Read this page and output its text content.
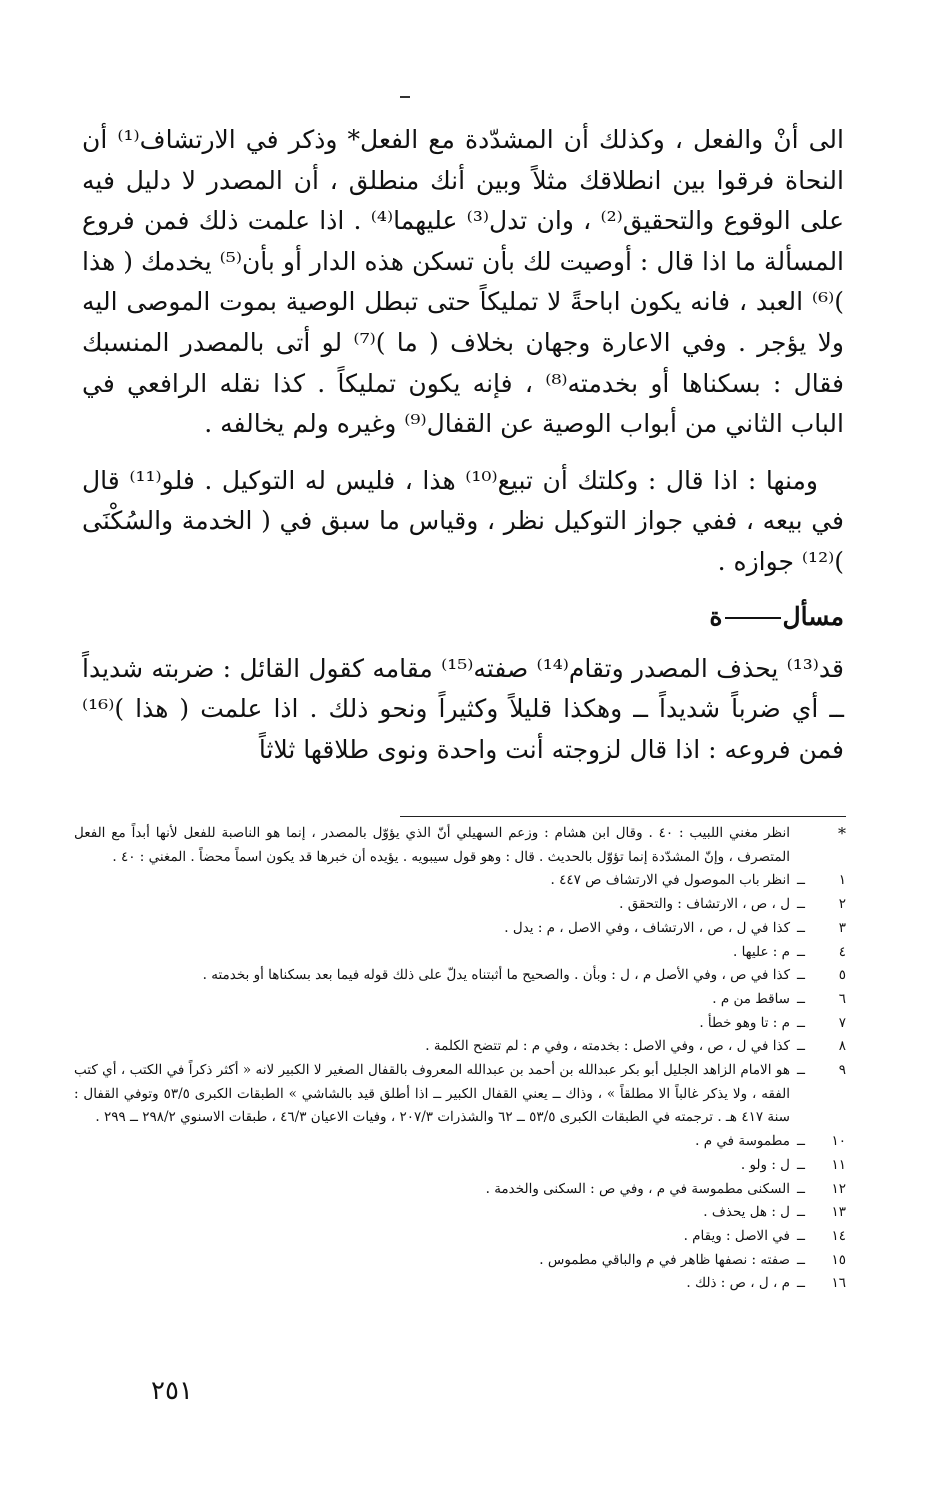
الى أنْ والفعل ، وكذلك أن المشدّدة مع الفعل* وذكر في الارتشاف⁽¹⁾ أن النحاة فرقوا بين انطلاقك مثلاً وبين أنك منطلق ، أن المصدر لا دليل فيه على الوقوع والتحقيق⁽²⁾ ، وان تدل⁽³⁾ عليهما⁽⁴⁾ . اذا علمت ذلك فمن فروع المسألة ما اذا قال : أوصيت لك بأن تسكن هذه الدار أو بأن⁽⁵⁾ يخدمك ( هذا )⁽⁶⁾ العبد ، فانه يكون اباحةً لا تمليكاً حتى تبطل الوصية بموت الموصى اليه ولا يؤجر . وفي الاعارة وجهان بخلاف ( ما )⁽⁷⁾ لو أتى بالمصدر المنسبك فقال : بسكناها أو بخدمته⁽⁸⁾ ، فإنه يكون تمليكاً . كذا نقله الرافعي في الباب الثاني من أبواب الوصية عن القفال⁽⁹⁾ وغيره ولم يخالفه .

ومنها : اذا قال : وكلتك أن تبيع⁽¹⁰⁾ هذا ، فليس له التوكيل . فلو⁽¹¹⁾ قال في بيعه ، ففي جواز التوكيل نظر ، وقياس ما سبق في ( الخدمة والسُكْنَى )⁽¹²⁾ جوازه .

مسألة

قد⁽¹³⁾ يحذف المصدر وتقام⁽¹⁴⁾ صفته⁽¹⁵⁾ مقامه كقول القائل : ضربته شديداً ــ أي ضرباً شديداً ــ وهكذا قليلاً وكثيراً ونحو ذلك . اذا علمت ( هذا )⁽¹⁶⁾ فمن فروعه : اذا قال لزوجته أنت واحدة ونوى طلاقها ثلاثاً

*
انظر مغني اللبيب : ٤٠ . وقال ابن هشام : وزعم السهيلي أنّ الذي يؤوّل بالمصدر ، إنما هو الناصبة للفعل لأنها أبداً مع الفعل المتصرف ، وإنّ المشدّدة إنما تؤوّل بالحديث . قال : وهو قول سيبويه . يؤيده أن خبرها قد يكون اسماً محضاً . المغني : ٤٠ .
١
ــ
انظر باب الموصول في الارتشاف ص ٤٤٧ .
٢
ــ
ل ، ص ، الارتشاف : والتحقق .
٣
ــ
كذا في ل ، ص ، الارتشاف ، وفي الاصل ، م : يدل .
٤
ــ
م : عليها .
٥
ــ
كذا في ص ، وفي الأصل م ، ل : وبأن . والصحيح ما أثبتناه يدلّ على ذلك قوله فيما بعد بسكناها أو بخدمته .
٦
ــ
ساقط من م .
٧
ــ
م : تا وهو خطأ .
٨
ــ
كذا في ل ، ص ، وفي الاصل : بخدمته ، وفي م : لم تتضح الكلمة .
٩
ــ
هو الامام الزاهد الجليل أبو بكر عبدالله بن أحمد بن عبدالله المعروف بالقفال الصغير لا الكبير لانه « أكثر ذكراً في الكتب ، أي كتب الفقه ، ولا يذكر غالباً الا مطلقاً » ، وذاك ــ يعني القفال الكبير ــ اذا أطلق قيد بالشاشي » الطبقات الكبرى ٥٣/٥ وتوفي القفال : سنة ٤١٧ هـ . ترجمته في الطبقات الكبرى ٥٣/٥ ــ ٦٢ والشذرات ٢٠٧/٣ ، وفيات الاعيان ٤٦/٣ ، طبقات الاسنوي ٢٩٨/٢ ــ ٢٩٩ .
١٠
ــ
مطموسة في م .
١١
ــ
ل : ولو .
١٢
ــ
السكنى مطموسة في م ، وفي ص : السكنى والخدمة .
١٣
ــ
ل : هل يحذف .
١٤
ــ
في الاصل : ويقام .
١٥
ــ
صفته : نصفها ظاهر في م والباقي مطموس .
١٦
ــ
م ، ل ، ص : ذلك .
٢٥١
